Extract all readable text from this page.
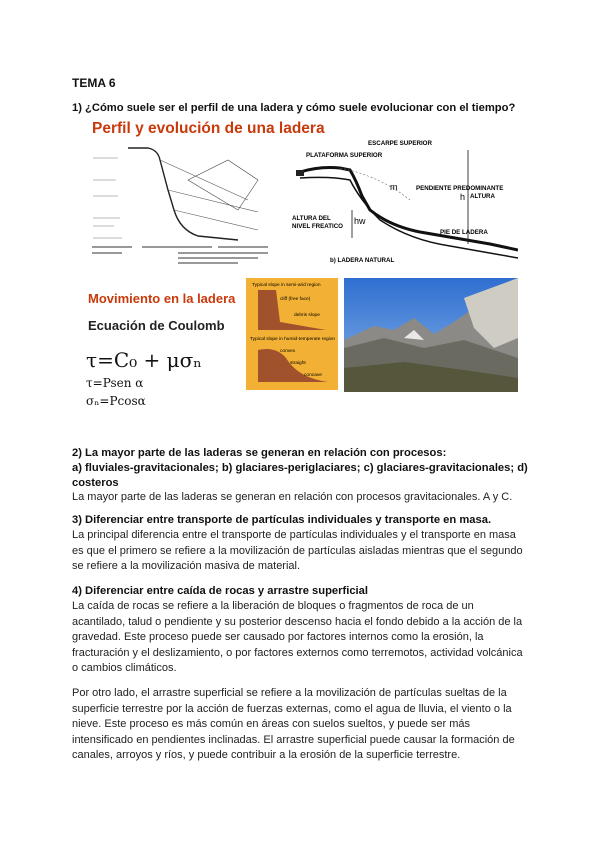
TEMA 6
1) ¿Cómo suele ser el perfil de una ladera y cómo suele evolucionar con el tiempo?
Perfil y evolución de una ladera
ESCARPE SUPERIOR
PLATAFORMA SUPERIOR
PENDIENTE PREDOMINANTE
ALTURA
ALTURA DEL
NIVEL FREATICO
PIE DE LADERA
b) LADERA NATURAL
hw
m
h
Movimiento en la ladera
Ecuación de Coulomb
τ=C₀ + μσₙ
τ=Psen α
σₙ=Pcosα
Typical slope in semi-arid region
cliff (free face)
debris slope
Typical slope in humid-temperate region
convex
straight
concave
2) La mayor parte de las laderas se generan en relación con procesos:
a) fluviales-gravitacionales; b) glaciares-periglaciares; c) glaciares-gravitacionales; d)
costeros
La mayor parte de las laderas se generan en relación con procesos gravitacionales. A y C.
3) Diferenciar entre transporte de partículas individuales y transporte en masa.
La principal diferencia entre el transporte de partículas individuales y el transporte en masa
es que el primero se refiere a la movilización de partículas aisladas mientras que el segundo
se refiere a la movilización masiva de material.
4) Diferenciar entre caída de rocas y arrastre superficial
La caída de rocas se refiere a la liberación de bloques o fragmentos de roca de un
acantilado, talud o pendiente y su posterior descenso hacia el fondo debido a la acción de la
gravedad. Este proceso puede ser causado por factores internos como la erosión, la
fracturación y el deslizamiento, o por factores externos como terremotos, actividad volcánica
o cambios climáticos.
Por otro lado, el arrastre superficial se refiere a la movilización de partículas sueltas de la
superficie terrestre por la acción de fuerzas externas, como el agua de lluvia, el viento o la
nieve. Este proceso es más común en áreas con suelos sueltos, y puede ser más
intensificado en pendientes inclinadas. El arrastre superficial puede causar la formación de
canales, arroyos y ríos, y puede contribuir a la erosión de la superficie terrestre.
